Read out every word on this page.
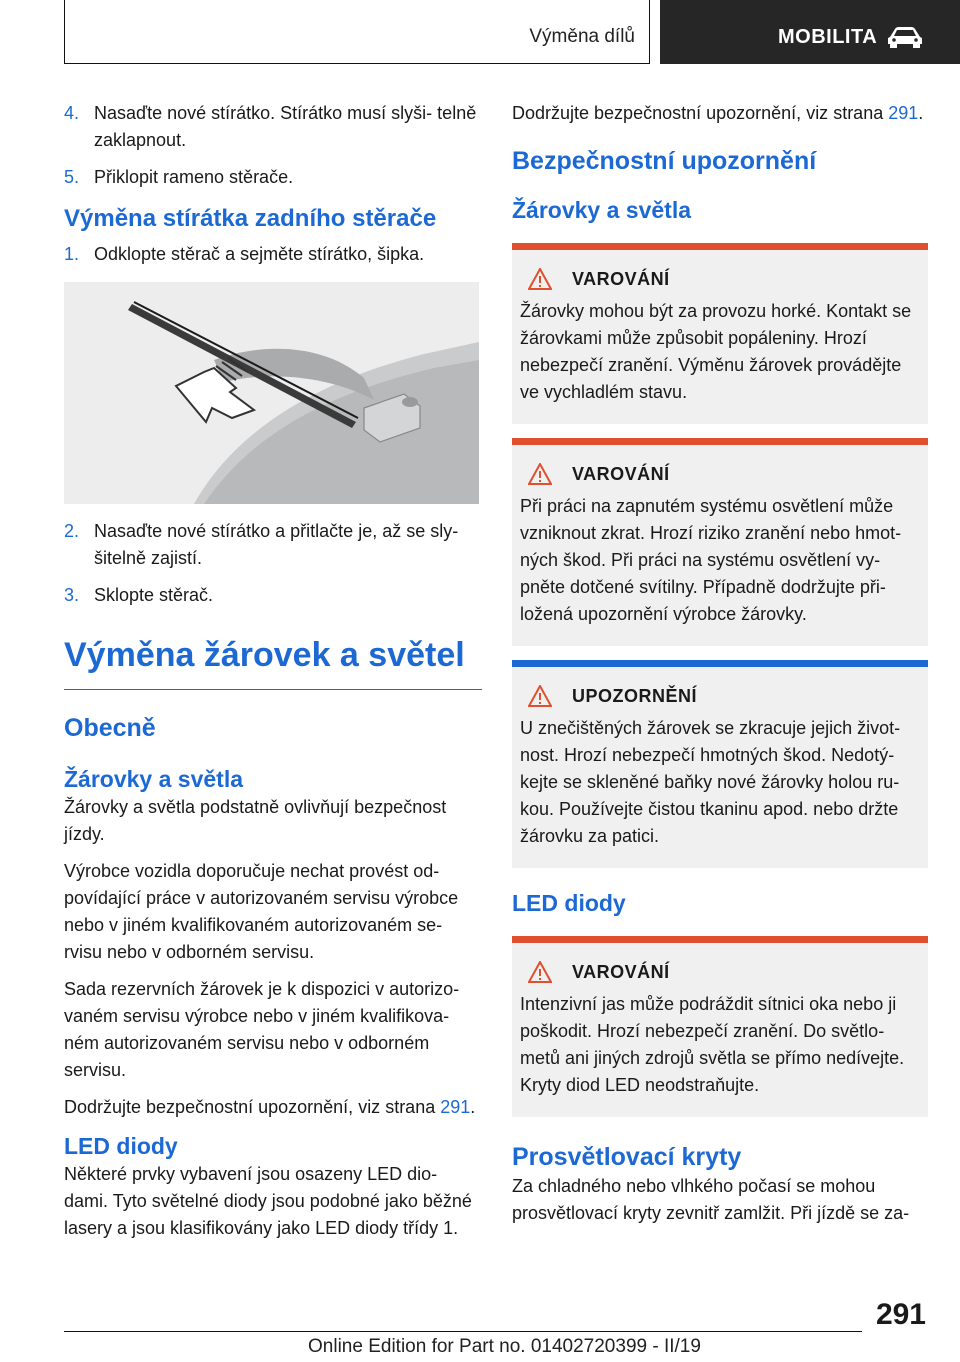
Výměna dílů	MOBILITA
4. Nasaďte nové stírátko. Stírátko musí slyši‐ telně zaklapnout.
5. Přiklopit rameno stěrače.
Výměna stírátka zadního stěrače
1. Odklopte stěrač a sejměte stírátko, šipka.
2. Nasaďte nové stírátko a přitlačte je, až se sly‐ šitelně zajistí.
3. Sklopte stěrač.
Výměna žárovek a světel
Obecně
Žárovky a světla

Žárovky a světla podstatně ovlivňují bezpečnost jízdy.

Výrobce vozidla doporučuje nechat provést od‐ povídající práce v autorizovaném servisu výrobce nebo v jiném kvalifikovaném autorizovaném se‐ rvisu nebo v odborném servisu.

Sada rezervních žárovek je k dispozici v autorizo‐ vaném servisu výrobce nebo v jiném kvalifikova‐ ném autorizovaném servisu nebo v odborném servisu.

Dodržujte bezpečnostní upozornění, viz strana 291.

LED diody

Některé prvky vybavení jsou osazeny LED dio‐ dami. Tyto světelné diody jsou podobné jako běžné lasery a jsou klasifikovány jako LED diody třídy 1.

Dodržujte bezpečnostní upozornění, viz strana 291.

Bezpečnostní upozornění
Žárovky a světla
VAROVÁNÍ
Žárovky mohou být za provozu horké. Kontakt se žárovkami může způsobit popáleniny. Hrozí nebezpečí zranění. Výměnu žárovek provádějte ve vychladlém stavu.
VAROVÁNÍ
Při práci na zapnutém systému osvětlení může vzniknout zkrat. Hrozí riziko zranění nebo hmot‐ ných škod. Při práci na systému osvětlení vy‐ pněte dotčené svítilny. Případně dodržujte při‐ ložená upozornění výrobce žárovky.
UPOZORNĚNÍ
U znečištěných žárovek se zkracuje jejich život‐ nost. Hrozí nebezpečí hmotných škod. Nedotý‐ kejte se skleněné baňky nové žárovky holou ru‐ kou. Používejte čistou tkaninu apod. nebo držte žárovku za patici.
LED diody
VAROVÁNÍ
Intenzivní jas může podráždit sítnici oka nebo ji poškodit. Hrozí nebezpečí zranění. Do světlo‐ metů ani jiných zdrojů světla se přímo nedívejte. Kryty diod LED neodstraňujte.
Prosvětlovací kryty

Za chladného nebo vlhkého počasí se mohou prosvětlovací kryty zevnitř zamlžit. Při jízdě se za‐

291
Online Edition for Part no. 01402720399 - II/19
